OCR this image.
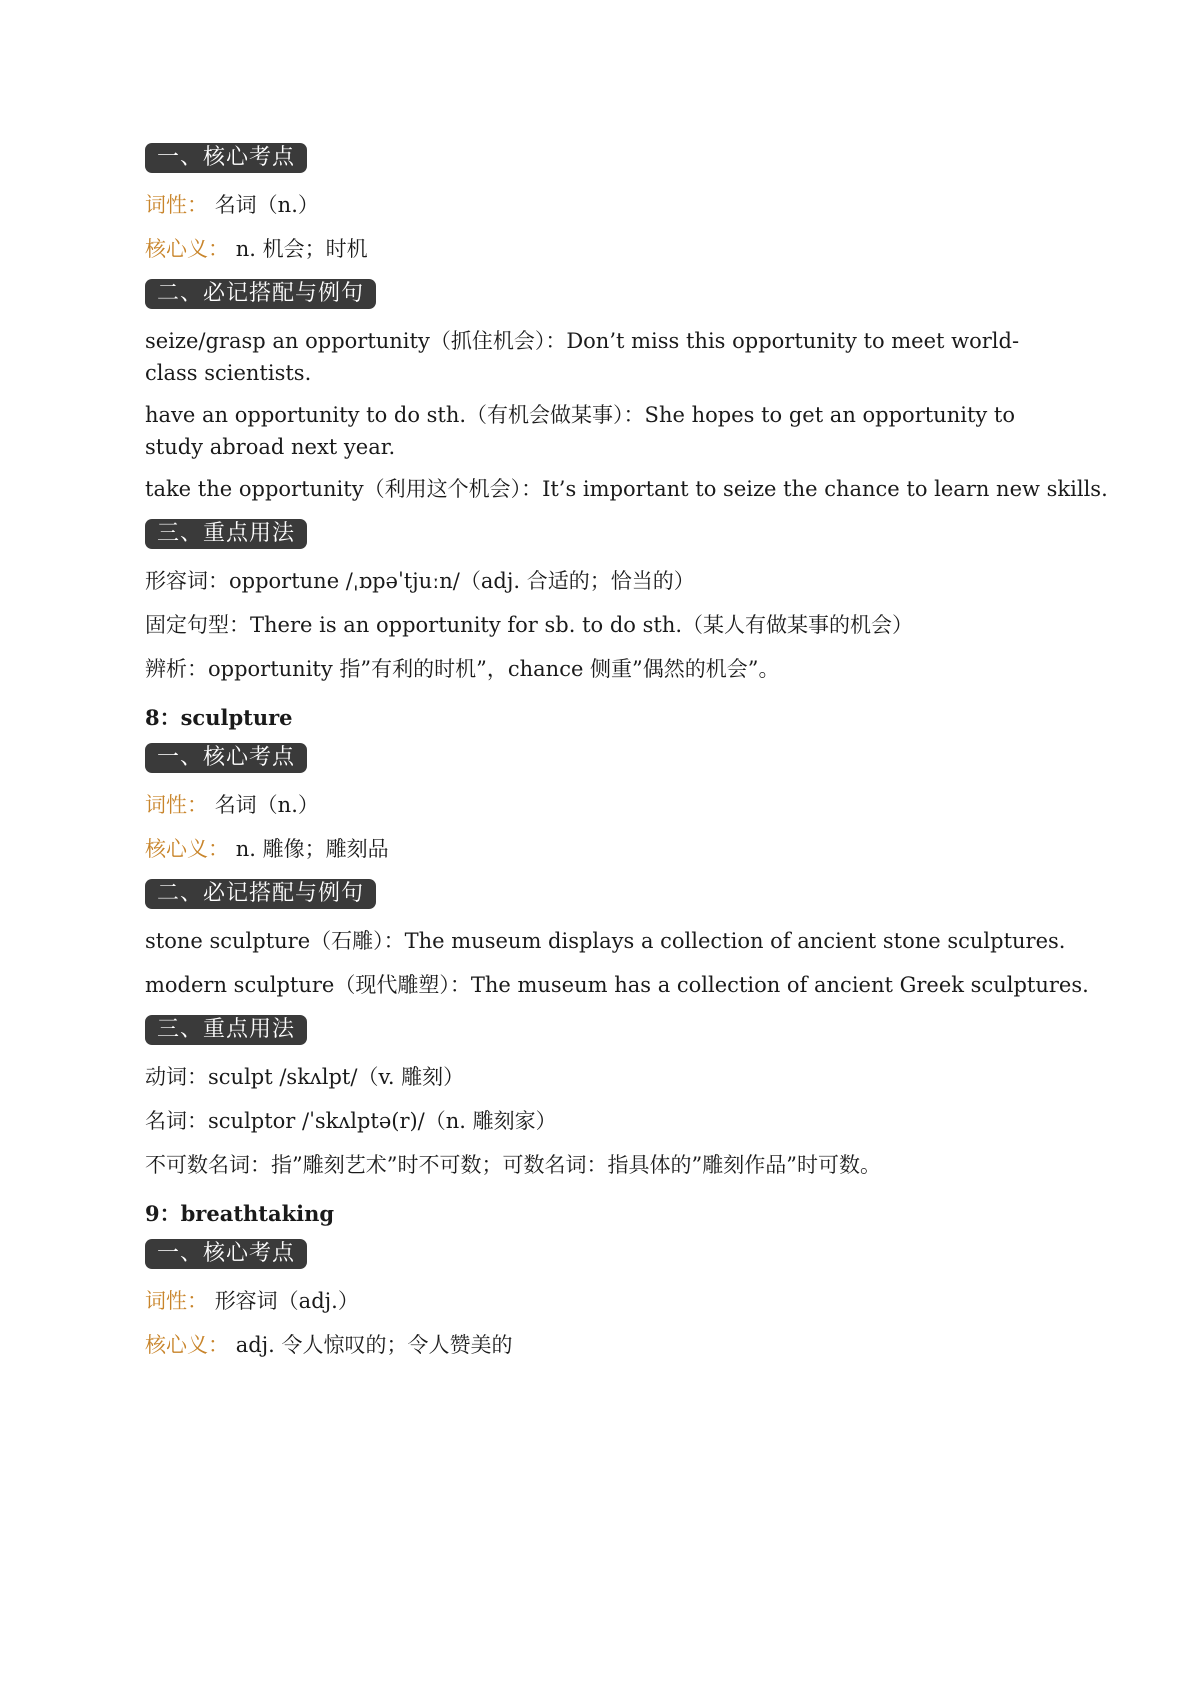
一、核心考点

词性： 名词（n.）

核心义： n. 机会；时机

二、必记搭配与例句

seize/grasp an opportunity（抓住机会）：Don’t miss this opportunity to meet world-class scientists.

have an opportunity to do sth.（有机会做某事）：She hopes to get an opportunity to study abroad next year.

take the opportunity（利用这个机会）：It’s important to seize the chance to learn new skills.

三、重点用法

形容词：opportune /ˌɒpəˈtjuːn/（adj. 合适的；恰当的）

固定句型：There is an opportunity for sb. to do sth.（某人有做某事的机会）

辨析：opportunity 指”有利的时机”，chance 侧重”偶然的机会”。

8：sculpture

一、核心考点

词性： 名词（n.）

核心义： n. 雕像；雕刻品

二、必记搭配与例句

stone sculpture（石雕）：The museum displays a collection of ancient stone sculptures.

modern sculpture（现代雕塑）：The museum has a collection of ancient Greek sculptures.

三、重点用法

动词：sculpt /skʌlpt/（v. 雕刻）

名词：sculptor /ˈskʌlptə(r)/（n. 雕刻家）

不可数名词：指”雕刻艺术”时不可数；可数名词：指具体的”雕刻作品”时可数。

9：breathtaking

一、核心考点

词性： 形容词（adj.）

核心义： adj. 令人惊叹的；令人赞美的
